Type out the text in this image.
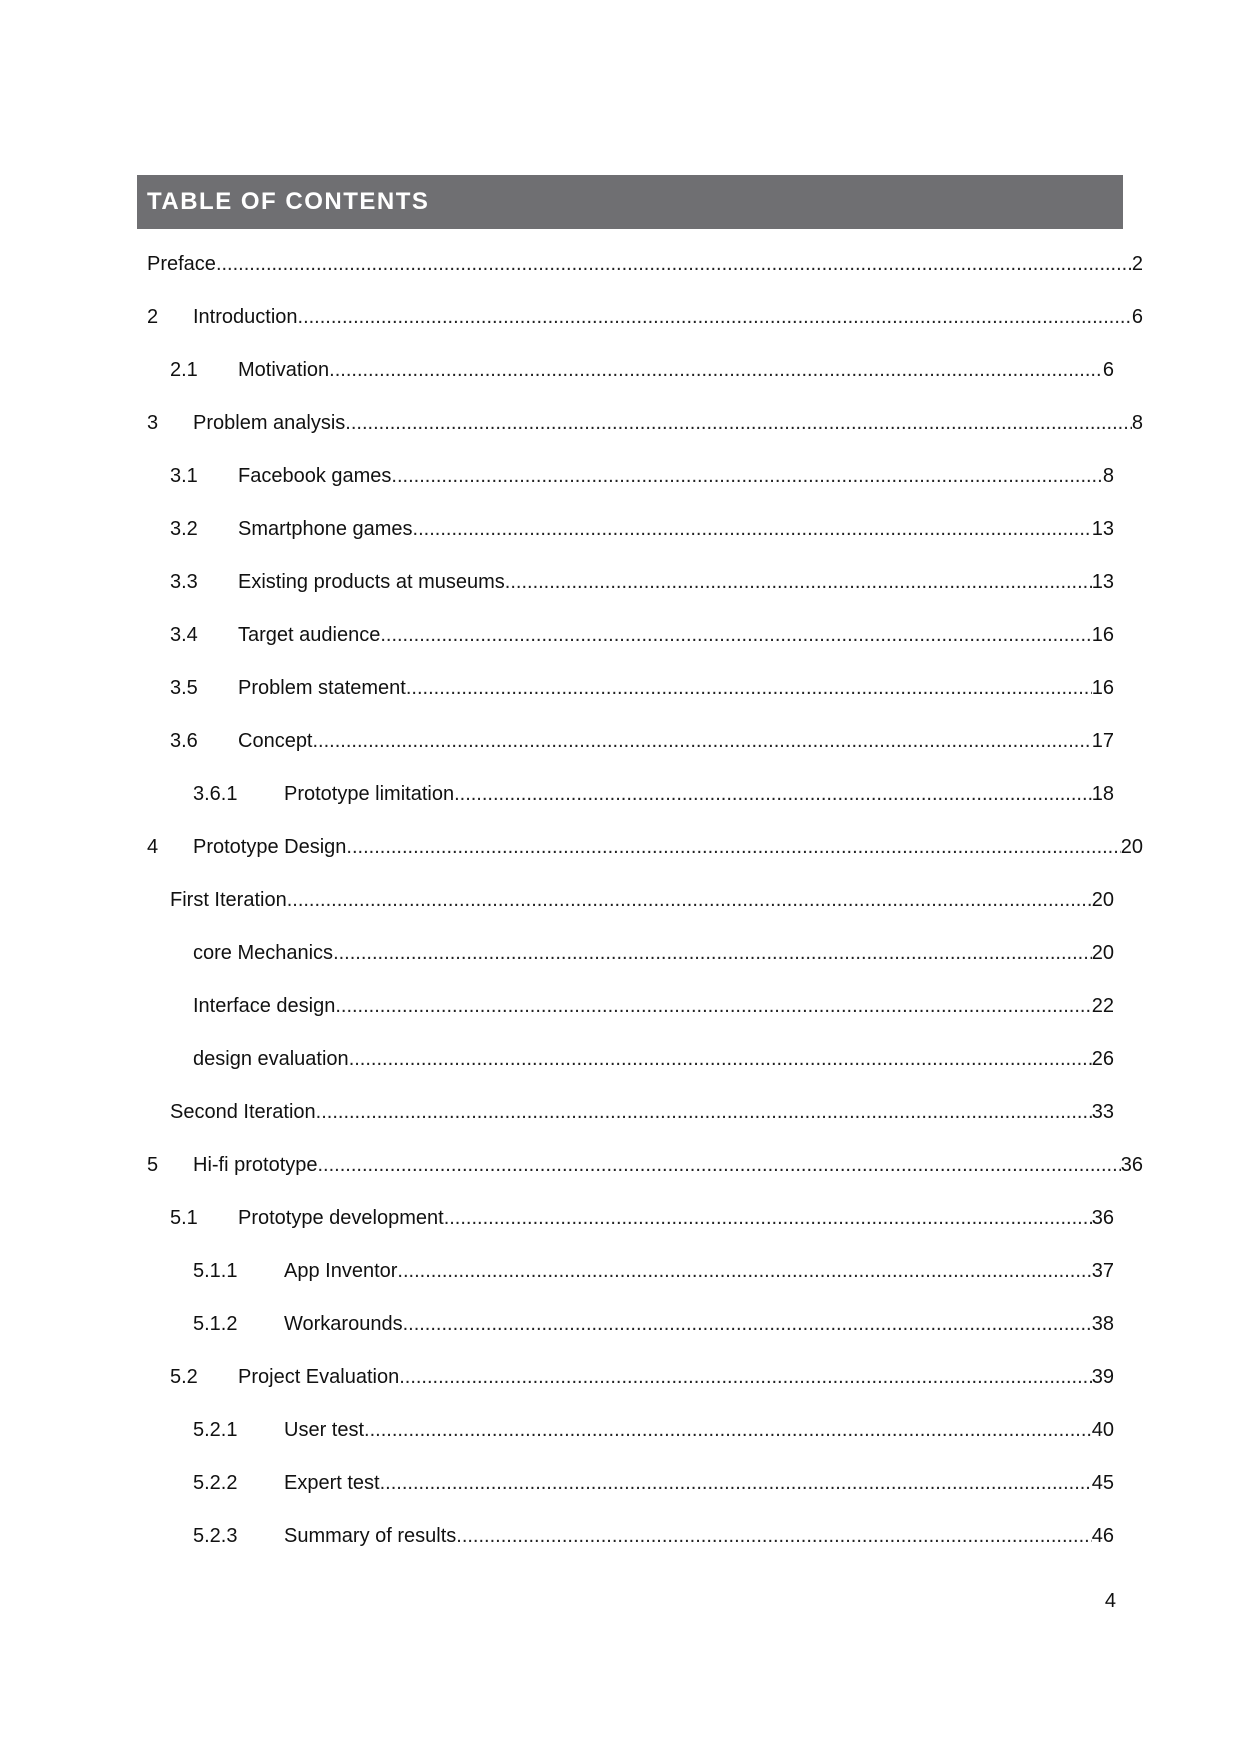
TABLE OF CONTENTS
Preface .....	2
2	Introduction .....	6
2.1	Motivation .....	6
3	Problem analysis .....	8
3.1	Facebook games .....	8
3.2	Smartphone games .....	13
3.3	Existing products at museums .....	13
3.4	Target audience .....	16
3.5	Problem statement .....	16
3.6	Concept .....	17
3.6.1	Prototype limitation .....	18
4	Prototype Design .....	20
First Iteration .....	20
core Mechanics .....	20
Interface design .....	22
design evaluation .....	26
Second Iteration .....	33
5	Hi-fi prototype .....	36
5.1	Prototype development .....	36
5.1.1	App Inventor .....	37
5.1.2	Workarounds .....	38
5.2	Project Evaluation .....	39
5.2.1	User test .....	40
5.2.2	Expert test .....	45
5.2.3	Summary of results .....	46
4
